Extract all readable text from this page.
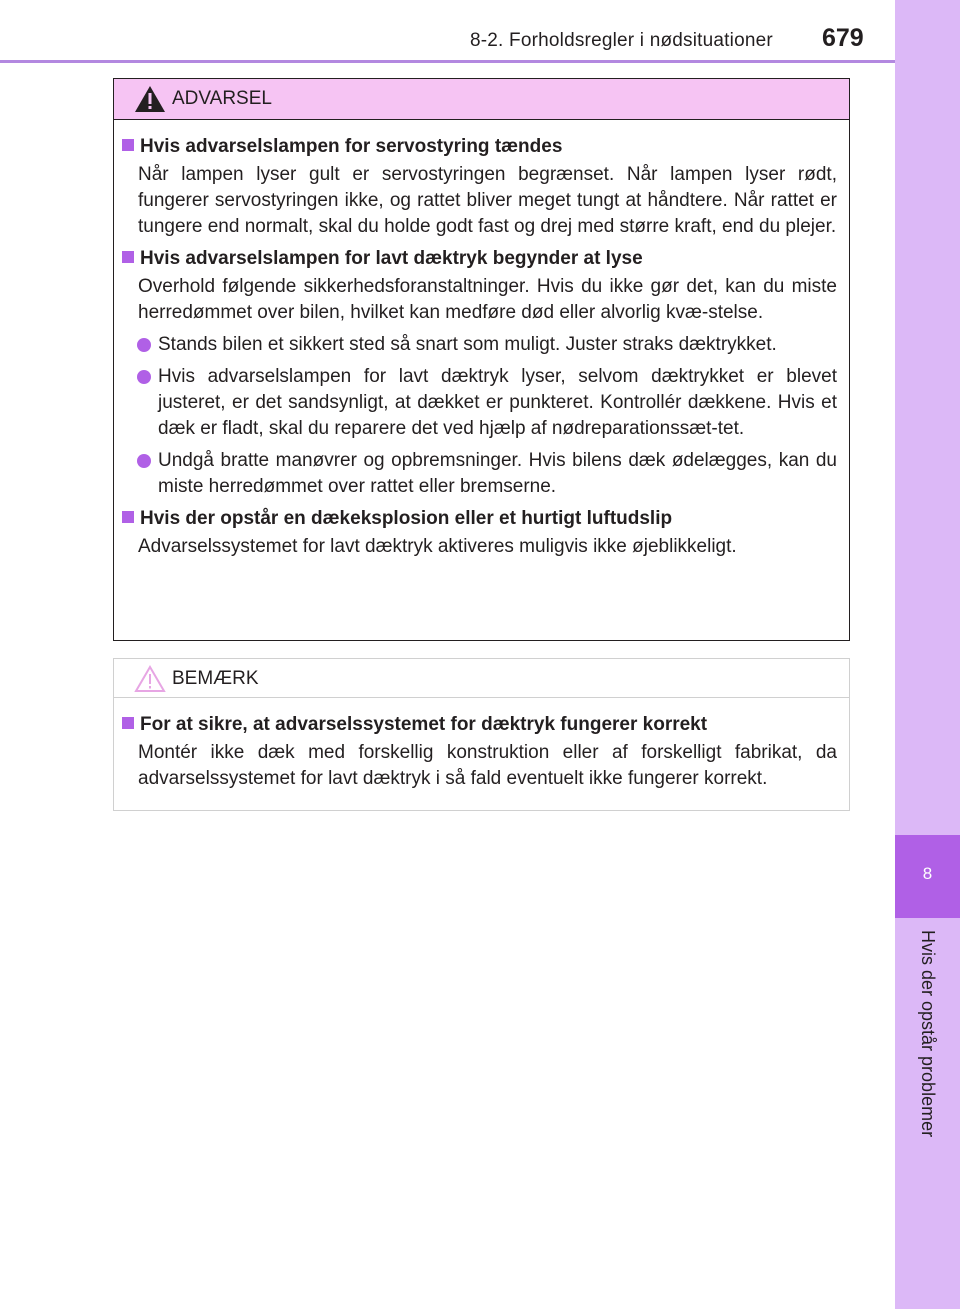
8-2. Forholdsregler i nødsituationer 679
8
Hvis der opstår problemer
ADVARSEL
Hvis advarselslampen for servostyring tændes
Når lampen lyser gult er servostyringen begrænset. Når lampen lyser rødt, fungerer servostyringen ikke, og rattet bliver meget tungt at håndtere. Når rattet er tungere end normalt, skal du holde godt fast og drej med større kraft, end du plejer.
Hvis advarselslampen for lavt dæktryk begynder at lyse
Overhold følgende sikkerhedsforanstaltninger. Hvis du ikke gør det, kan du miste herredømmet over bilen, hvilket kan medføre død eller alvorlig kvæ-stelse.
Stands bilen et sikkert sted så snart som muligt. Juster straks dæktrykket.
Hvis advarselslampen for lavt dæktryk lyser, selvom dæktrykket er blevet justeret, er det sandsynligt, at dækket er punkteret. Kontrollér dækkene. Hvis et dæk er fladt, skal du reparere det ved hjælp af nødreparationssæt-tet.
Undgå bratte manøvrer og opbremsninger. Hvis bilens dæk ødelægges, kan du miste herredømmet over rattet eller bremserne.
Hvis der opstår en dækeksplosion eller et hurtigt luftudslip
Advarselssystemet for lavt dæktryk aktiveres muligvis ikke øjeblikkeligt.
BEMÆRK
For at sikre, at advarselssystemet for dæktryk fungerer korrekt
Montér ikke dæk med forskellig konstruktion eller af forskelligt fabrikat, da advarselssystemet for lavt dæktryk i så fald eventuelt ikke fungerer korrekt.
